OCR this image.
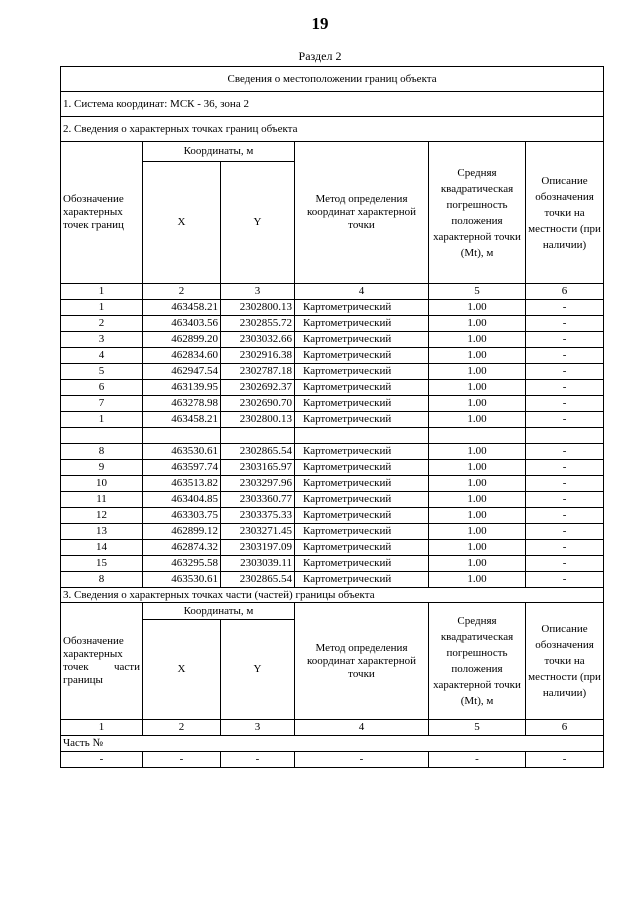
19
Раздел 2
Сведения о местоположении границ объекта					
1. Система координат: МСК - 36, зона 2					
2. Сведения о характерных точках границ объекта					
Обозначение характерных точек границ	Координаты, м		Метод определения координат характерной точки	Средняя квадратическая погрешность положения характерной точки (Mt), м	Описание обозначения точки на местности (при наличии)
	X	Y			
1	2	3	4	5	6
1	463458.21	2302800.13	Картометрический	1.00	-
2	463403.56	2302855.72	Картометрический	1.00	-
3	462899.20	2303032.66	Картометрический	1.00	-
4	462834.60	2302916.38	Картометрический	1.00	-
5	462947.54	2302787.18	Картометрический	1.00	-
6	463139.95	2302692.37	Картометрический	1.00	-
7	463278.98	2302690.70	Картометрический	1.00	-
1	463458.21	2302800.13	Картометрический	1.00	-

8	463530.61	2302865.54	Картометрический	1.00	-
9	463597.74	2303165.97	Картометрический	1.00	-
10	463513.82	2303297.96	Картометрический	1.00	-
11	463404.85	2303360.77	Картометрический	1.00	-
12	463303.75	2303375.33	Картометрический	1.00	-
13	462899.12	2303271.45	Картометрический	1.00	-
14	462874.32	2303197.09	Картометрический	1.00	-
15	463295.58	2303039.11	Картометрический	1.00	-
8	463530.61	2302865.54	Картометрический	1.00	-
3. Сведения о характерных точках части (частей) границы объекта					
Обозначение характерных точек части границы	Координаты, м		Метод определения координат характерной точки	Средняя квадратическая погрешность положения характерной точки (Mt), м	Описание обозначения точки на местности (при наличии)
	X	Y			
1	2	3	4	5	6
Часть №					
-	-	-	-	-	-
